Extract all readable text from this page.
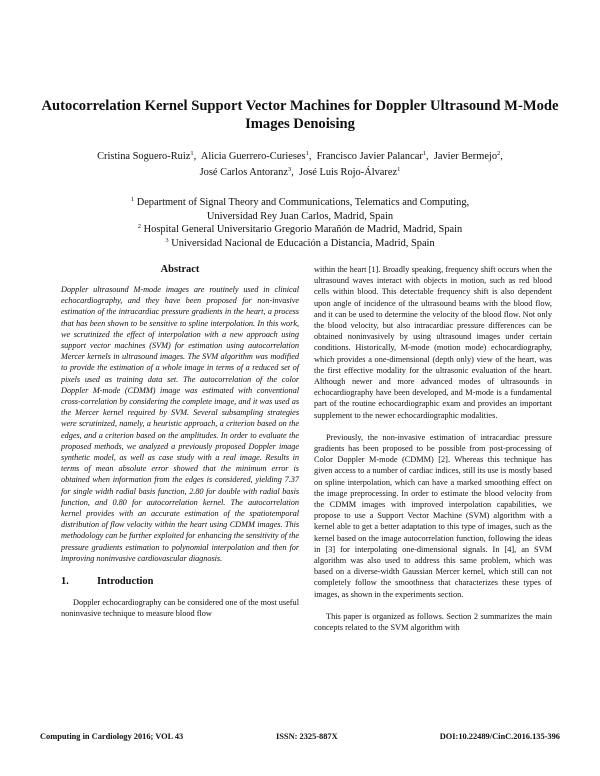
Autocorrelation Kernel Support Vector Machines for Doppler Ultrasound M-Mode Images Denoising
Cristina Soguero-Ruiz$^1$,  Alicia Guerrero-Curieses$^1$,  Francisco Javier Palancar$^1$,  Javier Bermejo$^2$,
José Carlos Antoranz$^3$,  José Luis Rojo-Álvarez$^1$
$^1$ Department of Signal Theory and Communications, Telematics and Computing,
Universidad Rey Juan Carlos, Madrid, Spain
$^2$ Hospital General Universitario Gregorio Marañón de Madrid, Madrid, Spain
$^3$ Universidad Nacional de Educación a Distancia, Madrid, Spain
Abstract

Doppler ultrasound M-mode images are routinely used in clinical echocardiography, and they have been proposed for non-invasive estimation of the intracardiac pressure gradients in the heart, a process that has been shown to be sensitive to spline interpolation. In this work, we scrutinized the effect of interpolation with a new approach using support vector machines (SVM) for estimation using autocorrelation Mercer kernels in ultrasound images. The SVM algorithm was modified to provide the estimation of a whole image in terms of a reduced set of pixels used as training data set. The autocorrelation of the color Doppler M-mode (CDMM) image was estimated with conventional cross-correlation by considering the complete image, and it was used as the Mercer kernel required by SVM. Several subsampling strategies were scrutinized, namely, a heuristic approach, a criterion based on the edges, and a criterion based on the amplitudes. In order to evaluate the proposed methods, we analyzed a previously proposed Doppler image synthetic model, as well as case study with a real image. Results in terms of mean absolute error showed that the minimum error is obtained when information from the edges is considered, yielding 7.37 for single width radial basis function, 2.80 for double with radial basis function, and 0.80 for autocorrelation kernel. The autocorrelation kernel provides with an accurate estimation of the spatiotemporal distribution of flow velocity within the heart using CDMM images. This methodology can be further exploited for enhancing the sensitivity of the pressure gradients estimation to polynomial interpolation and then for improving noninvasive cardiovascular diagnosis.

1.	Introduction

Doppler echocardiography can be considered one of the most useful noninvasive technique to measure blood flow

within the heart [1]. Broadly speaking, frequency shift occurs when the ultrasound waves interact with objects in motion, such as red blood cells within blood. This detectable frequency shift is also dependent upon angle of incidence of the ultrasound beams with the blood flow, and it can be used to determine the velocity of the blood flow. Not only the blood velocity, but also intracardiac pressure differences can be obtained noninvasively by using ultrasound images under certain conditions. Historically, M-mode (motion mode) echocardiography, which provides a one-dimensional (depth only) view of the heart, was the first effective modality for the ultrasonic evaluation of the heart. Although newer and more advanced modes of ultrasounds in echocardiography have been developed, and M-mode is a fundamental part of the routine echocardiographic exam and provides an important supplement to the newer echocardiographic modalities.

Previously, the non-invasive estimation of intracardiac pressure gradients has been proposed to be possible from post-processing of Color Doppler M-mode (CDMM) [2]. Whereas this technique has given access to a number of cardiac indices, still its use is mostly based on spline interpolation, which can have a marked smoothing effect on the image preprocessing. In order to estimate the blood velocity from the CDMM images with improved interpolation capabilities, we propose to use a Support Vector Machine (SVM) algorithm with a kernel able to get a better adaptation to this type of images, such as the kernel based on the image autocorrelation function, following the ideas in [3] for interpolating one-dimensional signals. In [4], an SVM algorithm was also used to address this same problem, which was based on a diverse-width Gaussian Mercer kernel, which still can not completely follow the smoothness that characterizes these types of images, as shown in the experiments section.

This paper is organized as follows. Section 2 summarizes the main concepts related to the SVM algorithm with

Computing in Cardiology 2016; VOL 43	ISSN: 2325-887X	DOI:10.22489/CinC.2016.135-396
